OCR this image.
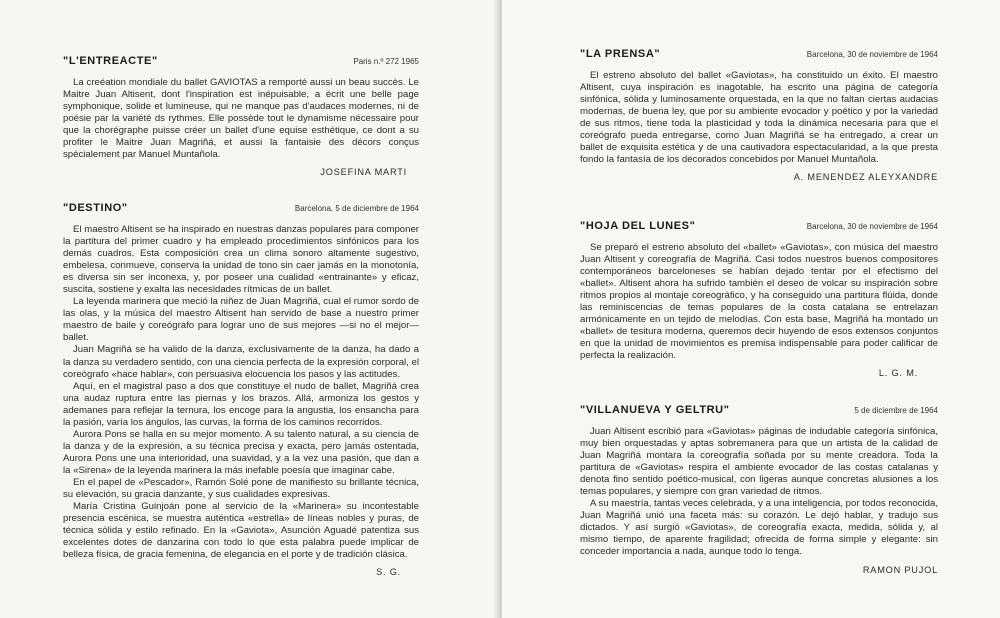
"L'ENTREACTE"	Paris n.º 272 1965

La creéation mondiale du ballet GAVIOTAS a remporté aussi un beau succès. Le Maitre Juan Altisent, dont l'inspiration est inépuisable, a écrit une belle page symphonique, solide et lumineuse, qui ne manque pas d'audaces modernes, ni de poésie par la variété ds rythmes. Elle possède tout le dynamisme nécessaire pour que la chorégraphe puisse créer un ballet d'une equise esthétique, ce dont a su profiter le Maitre Juan Magriñá, et aussi la fantaisie des décors conçus spécialement par Manuel Muntañola.

JOSEFINA MARTI
"DESTINO"	Barcelona, 5 de diciembre de 1964

El maestro Altisent se ha inspirado en nuestras danzas populares para componer la partitura del primer cuadro y ha empleado procedimientos sinfónicos para los demás cuadros. Esta composición crea un clima sonoro altamente sugestivo, embelesa, conmueve, conserva la unidad de tono sin caer jamás en la monotonía, es diversa sin ser inconexa, y, por poseer una cualidad «entrainante» y eficaz, suscita, sostiene y exalta las necesidades rítmicas de un ballet.

La leyenda marinera que meció la niñez de Juan Magriñá, cual el rumor sordo de las olas, y la música del maestro Altisent han servido de base a nuestro primer maestro de baile y coreógrafo para lograr uno de sus mejores —si no el mejor— ballet.

Juan Magriñá se ha valido de la danza, exclusivamente de la danza, ha dado a la danza su verdadero sentido, con una ciencia perfecta de la expresión corporal, el coreógrafo «hace hablar», con persuasiva elocuencia los pasos y las actitudes.

Aquí, en el magistral paso a dos que constituye el nudo de ballet, Magriñá crea una audaz ruptura entre las piernas y los brazos. Allá, armoniza los gestos y ademanes para reflejar la ternura, los encoge para la angustia, los ensancha para la pasión, varía los ángulos, las curvas, la forma de los caminos recorridos.

Aurora Pons se halla en su mejor momento. A su talento natural, a su ciencia de la danza y de la expresión, a su técnica precisa y exacta, pero jamás ostentada, Aurora Pons une una interioridad, una suavidad, y a la vez una pasión, que dan a la «Sirena» de la leyenda marinera la más inefable poesía que imaginar cabe.

En el papel de «Pescador», Ramón Solé pone de manifiesto su brillante técnica, su elevación, su gracia danzante, y sus cualidades expresivas.

María Cristina Guinjoán pone al servicio de la «Marinera» su incontestable presencia escénica, se muestra auténtica «estrella» de líneas nobles y puras, de técnica sólida y estilo refinado. En la «Gaviota», Asunción Aguadé patentiza sus excelentes dotes de danzarina con todo lo que esta palabra puede implicar de belleza física, de gracia femenina, de elegancia en el porte y de tradición clásica.

S. G.
"LA PRENSA"	Barcelona, 30 de noviembre de 1964

El estreno absoluto del ballet «Gaviotas», ha constituido un éxito. El maestro Altisent, cuya inspiración es inagotable, ha escrito una página de categoría sinfónica, sólida y luminosamente orquestada, en la que no faltan ciertas audacias modernas, de buena ley, que por su ambiente evocador y poético y por la variedad de sus ritmos, tiene toda la plasticidad y toda la dinámica necesaria para que el coreógrafo pueda entregarse, como Juan Magriñá se ha entregado, a crear un ballet de exquisita estética y de una cautivadora espectacularidad, a la que presta fondo la fantasía de los decorados concebidos por Manuel Muntañola.

A. MENENDEZ ALEYXANDRE
"HOJA DEL LUNES"	Barcelona, 30 de noviembre de 1964

Se preparó el estreno absoluto del «ballet» «Gaviotas», con música del maestro Juan Altisent y coreografía de Magriñá. Casi todos nuestros buenos compositores contemporáneos barceloneses se habían dejado tentar por el efectismo del «ballet». Altisent ahora ha sufrido también el deseo de volcar su inspiración sobre ritmos propios al montaje coreográfico, y ha conseguido una partitura flúida, donde las reminiscencias de temas populares de la costa catalana se entrelazan armónicamente en un tejido de melodías. Con esta base, Magriñá ha montado un «ballet» de tesitura moderna, queremos decir huyendo de esos extensos conjuntos en que la unidad de movimientos es premisa indispensable para poder calificar de perfecta la realización.

L. G. M.
"VILLANUEVA Y GELTRU"	5 de diciembre de 1964

Juan Altisent escribió para «Gaviotas» páginas de indudable categoría sinfónica, muy bien orquestadas y aptas sobremanera para que un artista de la calidad de Juan Magriñá montara la coreografía soñada por su mente creadora. Toda la partitura de «Gaviotas» respira el ambiente evocador de las costas catalanas y denota fino sentido poético-musical, con ligeras aunque concretas alusiones a los temas populares, y siempre con gran variedad de ritmos.

A su maestría, tantas veces celebrada, y a una inteligencia, por todos reconocida, Juan Magriñá unió una faceta más: su corazón. Le dejó hablar, y tradujo sus dictados. Y así surgió «Gaviotas», de coreografía exacta, medida, sólida y, al mismo tiempo, de aparente fragilidad; ofrecida de forma simple y elegante: sin conceder importancia a nada, aunque todo lo tenga.

RAMON PUJOL
